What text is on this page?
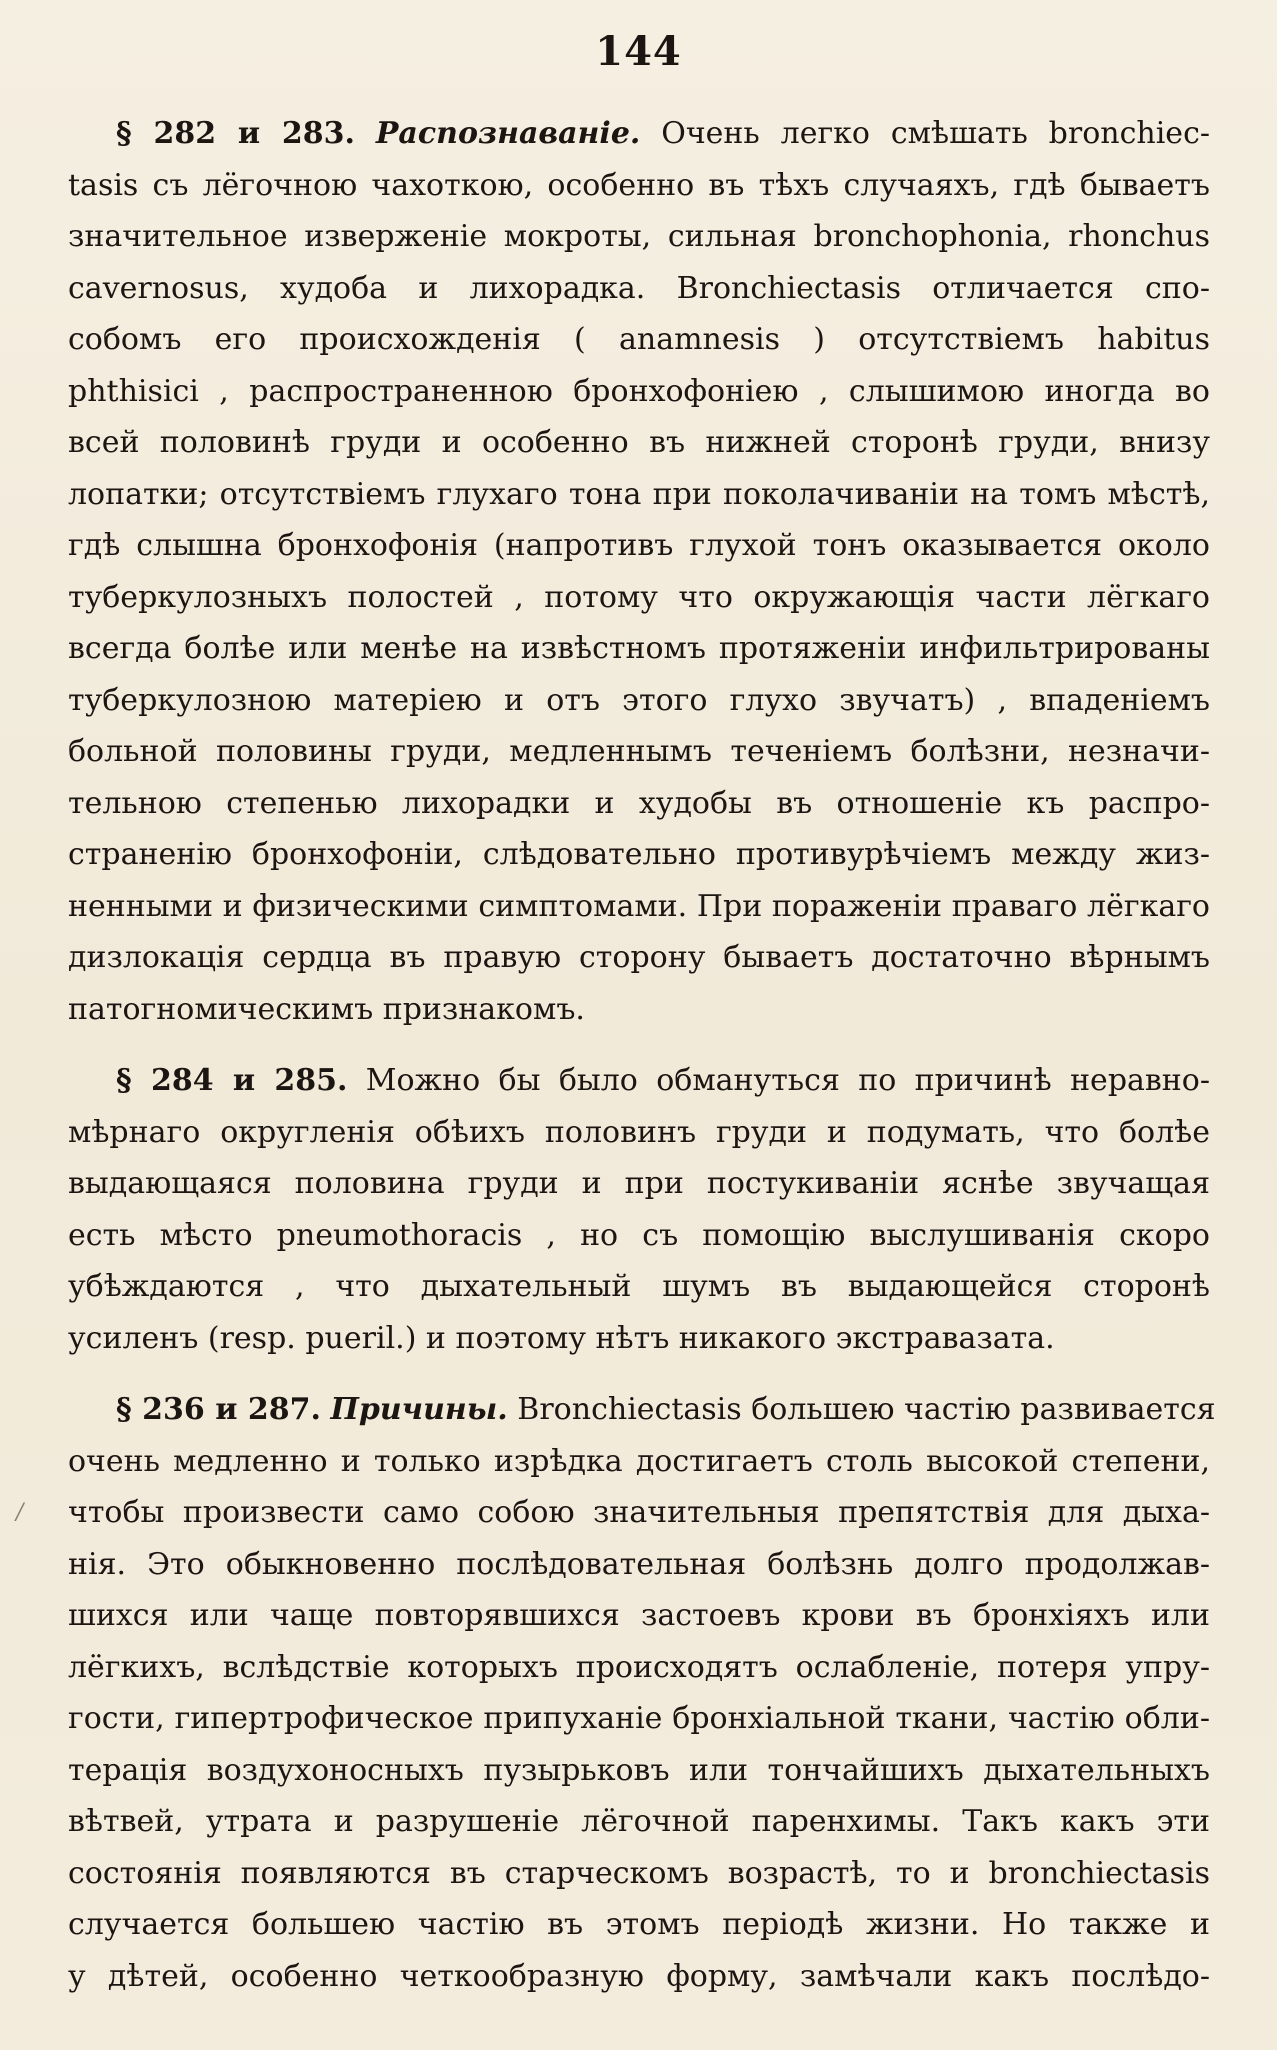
144
/
§ 282 и 283. Распознаваніе. Очень легко смѣшать bronchiec-
tasis съ лёгочною чахоткою, особенно въ тѣхъ случаяхъ, гдѣ бываетъ
значительное изверженіе мокроты, сильная bronchophonia, rhonchus
cavernosus, худоба и лихорадка. Bronchiectasis отличается спо-
собомъ его происхожденія ( anamnesis ) отсутствіемъ habitus
phthisici , распространенною бронхофоніею , слышимою иногда во
всей половинѣ груди и особенно въ нижней сторонѣ груди, внизу
лопатки; отсутствіемъ глухаго тона при поколачиваніи на томъ мѣстѣ,
гдѣ слышна бронхофонія (напротивъ глухой тонъ оказывается около
туберкулозныхъ полостей , потому что окружающія части лёгкаго
всегда болѣе или менѣе на извѣстномъ протяженіи инфильтрированы
туберкулозною матеріею и отъ этого глухо звучатъ) , впаденіемъ
больной половины груди, медленнымъ теченіемъ болѣзни, незначи-
тельною степенью лихорадки и худобы въ отношеніе къ распро-
страненію бронхофоніи, слѣдовательно противурѣчіемъ между жиз-
ненными и физическими симптомами. При пораженіи праваго лёгкаго
дизлокація сердца въ правую сторону бываетъ достаточно вѣрнымъ
патогномическимъ признакомъ.
§ 284 и 285. Можно бы было обмануться по причинѣ неравно-
мѣрнаго округленія обѣихъ половинъ груди и подумать, что болѣе
выдающаяся половина груди и при постукиваніи яснѣе звучащая
есть мѣсто pneumothoracis , но съ помощію выслушиванія скоро
убѣждаются , что дыхательный шумъ въ выдающейся сторонѣ
усиленъ (resp. pueril.) и поэтому нѣтъ никакого экстравазата.
§ 236 и 287. Причины. Bronchiectasis большею частію развивается
очень медленно и только изрѣдка достигаетъ столь высокой степени,
чтобы произвести само собою значительныя препятствія для дыха-
нія. Это обыкновенно послѣдовательная болѣзнь долго продолжав-
шихся или чаще повторявшихся застоевъ крови въ бронхіяхъ или
лёгкихъ, вслѣдствіе которыхъ происходятъ ослабленіе, потеря упру-
гости, гипертрофическое припуханіе бронхіальной ткани, частію обли-
терація воздухоносныхъ пузырьковъ или тончайшихъ дыхательныхъ
вѣтвей, утрата и разрушеніе лёгочной паренхимы. Такъ какъ эти
состоянія появляются въ старческомъ возрастѣ, то и bronchiectasis
случается большею частію въ этомъ періодѣ жизни. Но также и
у дѣтей, особенно четкообразную форму, замѣчали какъ послѣдо-
